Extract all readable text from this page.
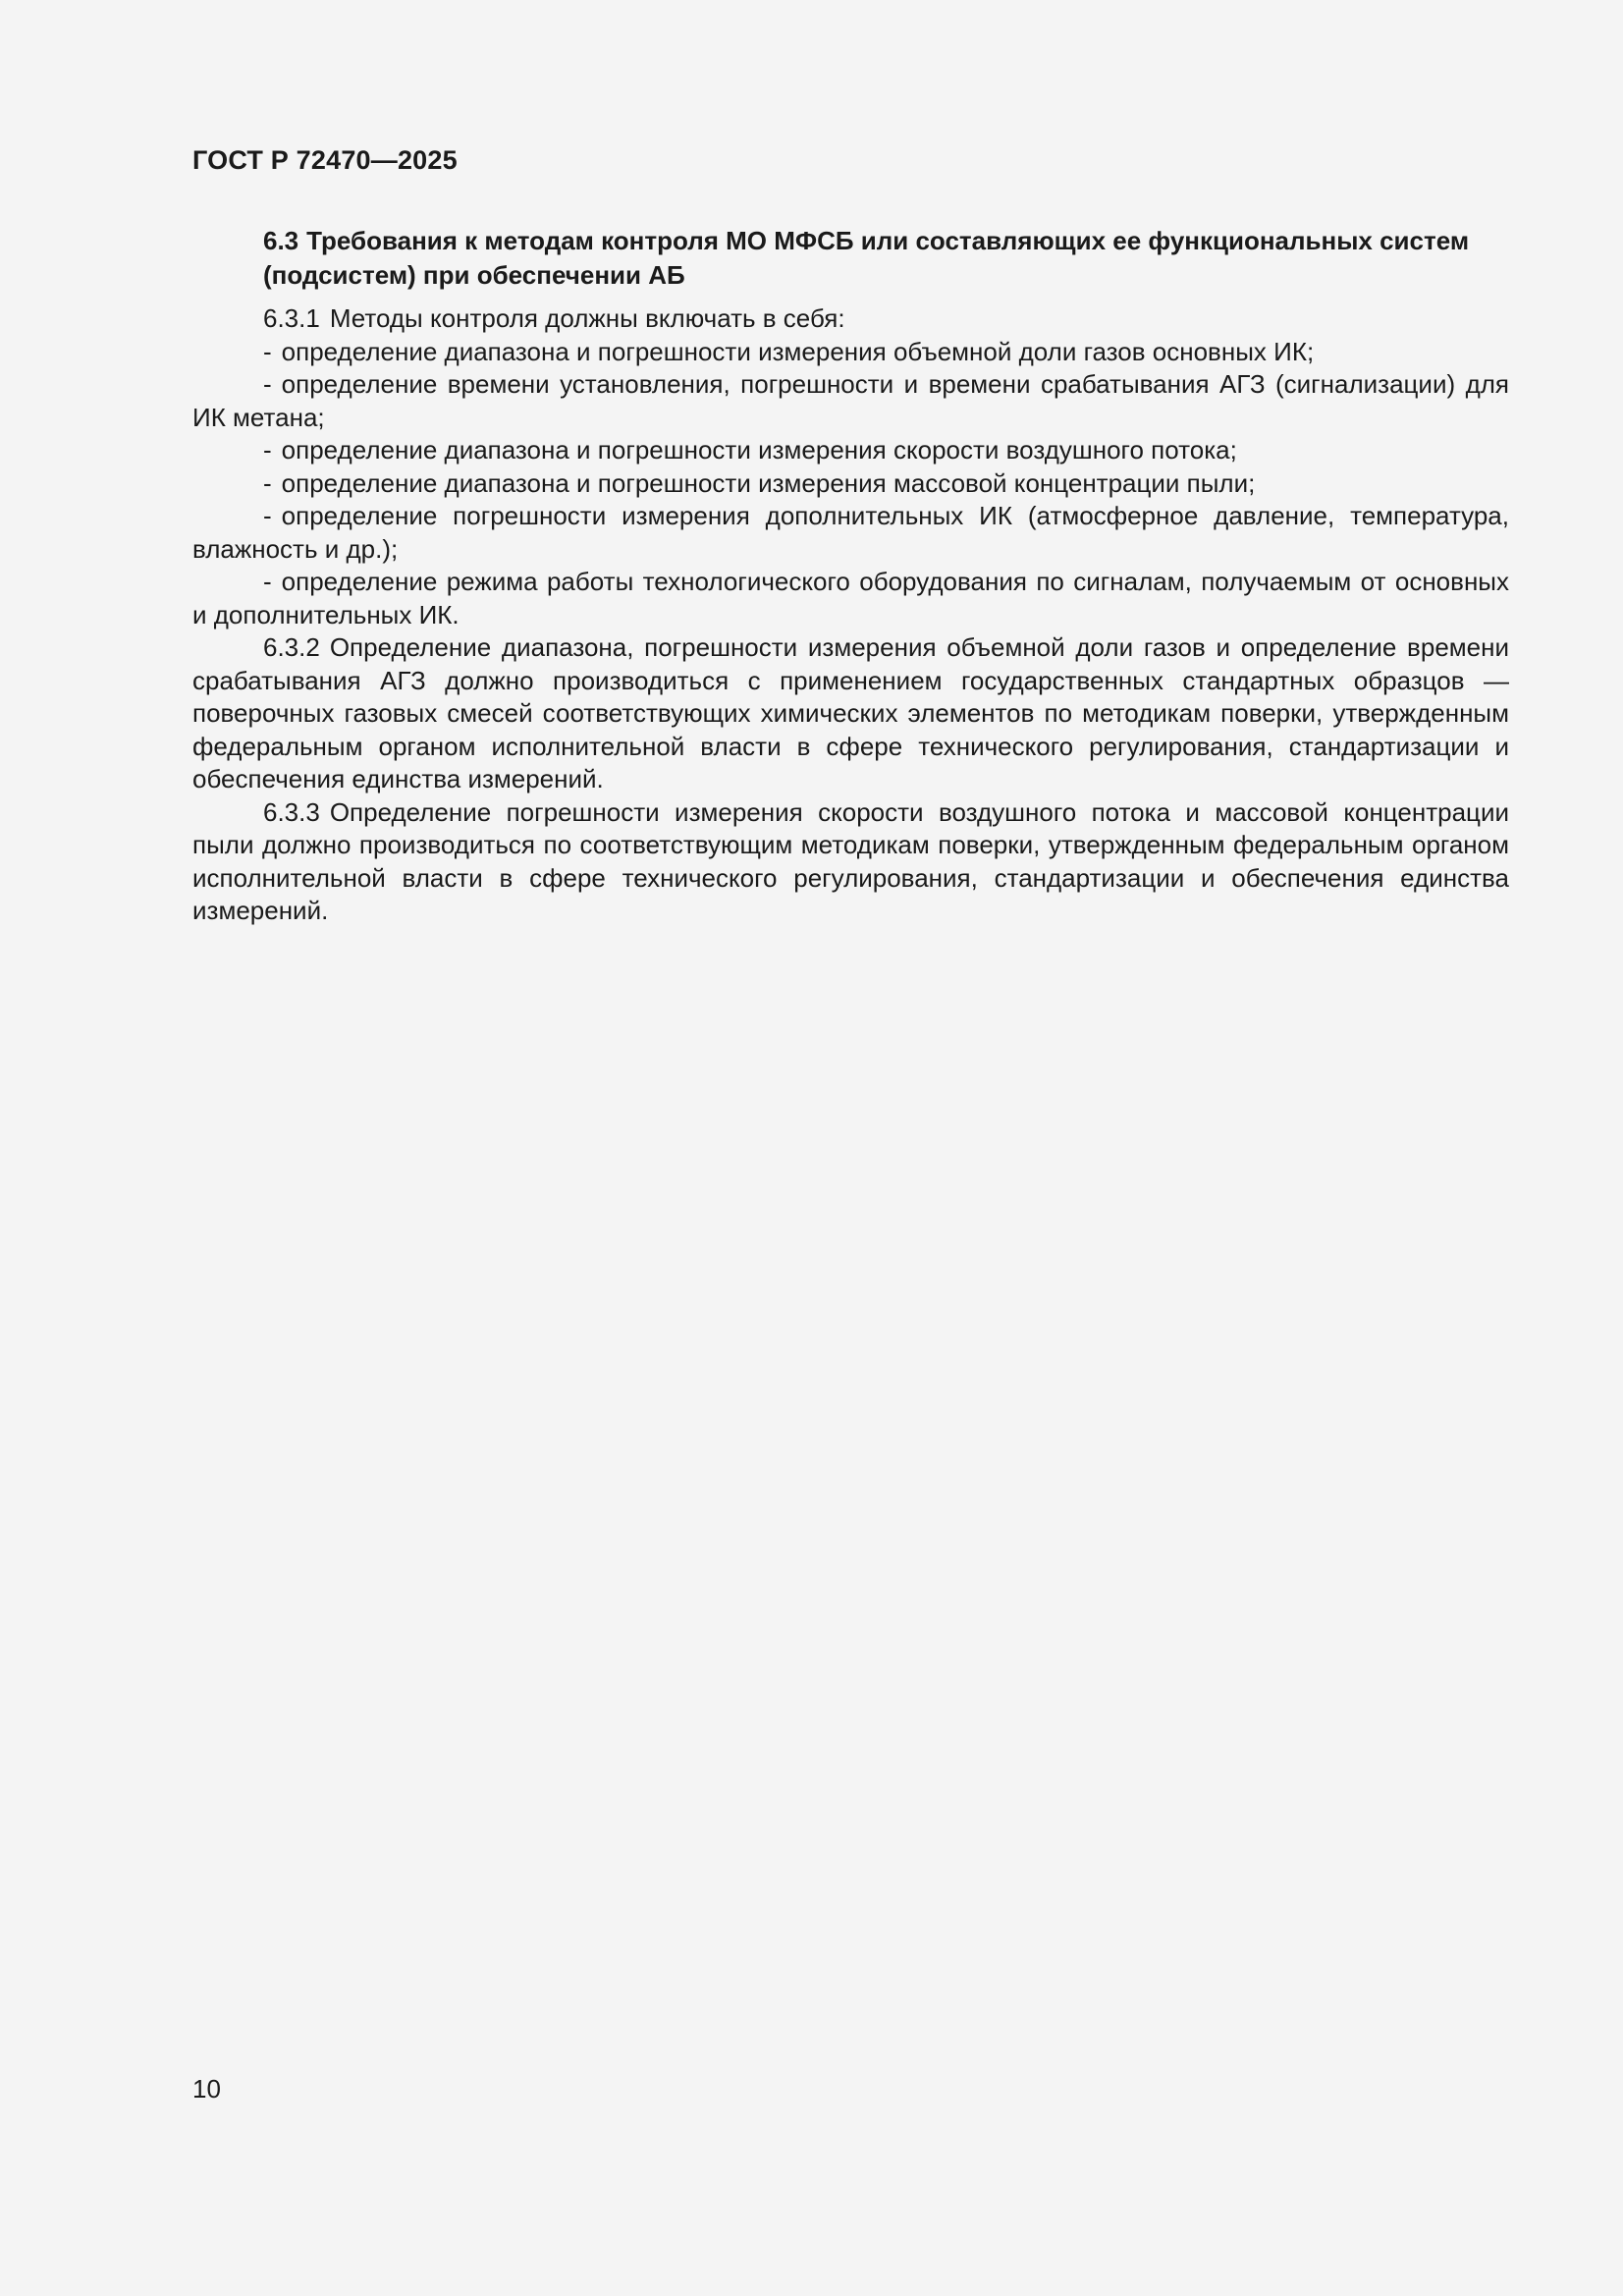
ГОСТ Р 72470—2025
6.3 Требования к методам контроля МО МФСБ или составляющих ее функциональных систем (подсистем) при обеспечении АБ

6.3.1 Методы контроля должны включать в себя:

- определение диапазона и погрешности измерения объемной доли газов основных ИК;

- определение времени установления, погрешности и времени срабатывания АГЗ (сигнализации) для ИК метана;

- определение диапазона и погрешности измерения скорости воздушного потока;

- определение диапазона и погрешности измерения массовой концентрации пыли;

- определение погрешности измерения дополнительных ИК (атмосферное давление, температура, влажность и др.);

- определение режима работы технологического оборудования по сигналам, получаемым от основных и дополнительных ИК.

6.3.2 Определение диапазона, погрешности измерения объемной доли газов и определение времени срабатывания АГЗ должно производиться с применением государственных стандартных образцов — поверочных газовых смесей соответствующих химических элементов по методикам поверки, утвержденным федеральным органом исполнительной власти в сфере технического регулирования, стандартизации и обеспечения единства измерений.

6.3.3 Определение погрешности измерения скорости воздушного потока и массовой концентрации пыли должно производиться по соответствующим методикам поверки, утвержденным федеральным органом исполнительной власти в сфере технического регулирования, стандартизации и обеспечения единства измерений.

10
